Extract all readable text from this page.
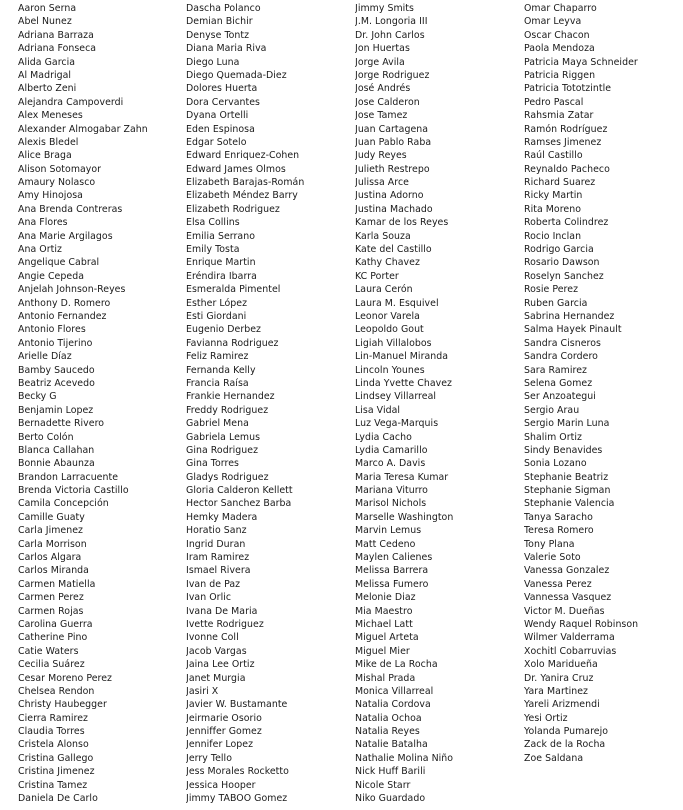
Aaron Serna
Abel Nunez
Adriana Barraza
Adriana Fonseca
Alida Garcia
Al Madrigal
Alberto Zeni
Alejandra Campoverdi
Alex Meneses
Alexander Almogabar Zahn
Alexis Bledel
Alice Braga
Alison Sotomayor
Amaury Nolasco
Amy Hinojosa
Ana Brenda Contreras
Ana Flores
Ana Marie Argilagos
Ana Ortiz
Angelique Cabral
Angie Cepeda
Anjelah Johnson-Reyes
Anthony D. Romero
Antonio Fernandez
Antonio Flores
Antonio Tijerino
Arielle Díaz
Bamby Saucedo
Beatriz Acevedo
Becky G
Benjamin Lopez
Bernadette Rivero
Berto Colón
Blanca Callahan
Bonnie Abaunza
Brandon Larracuente
Brenda Victoria Castillo
Camila Concepción
Camille Guaty
Carla Jimenez
Carla Morrison
Carlos Algara
Carlos Miranda
Carmen Matiella
Carmen Perez
Carmen Rojas
Carolina Guerra
Catherine Pino
Catie Waters
Cecilia Suárez
Cesar Moreno Perez
Chelsea Rendon
Christy Haubegger
Cierra Ramirez
Claudia Torres
Cristela Alonso
Cristina Gallego
Cristina Jimenez
Cristina Tamez
Daniela De Carlo
Dascha Polanco
Demian Bichir
Denyse Tontz
Diana Maria Riva
Diego Luna
Diego Quemada-Diez
Dolores Huerta
Dora Cervantes
Dyana Ortelli
Eden Espinosa
Edgar Sotelo
Edward Enriquez-Cohen
Edward James Olmos
Elizabeth Barajas-Román
Elizabeth Méndez Barry
Elizabeth Rodriguez
Elsa Collins
Emilia Serrano
Emily Tosta
Enrique Martin
Eréndira Ibarra
Esmeralda Pimentel
Esther López
Esti Giordani
Eugenio Derbez
Favianna Rodriguez
Feliz Ramirez
Fernanda Kelly
Francia Raísa
Frankie Hernandez
Freddy Rodriguez
Gabriel Mena
Gabriela Lemus
Gina Rodriguez
Gina Torres
Gladys Rodriguez
Gloria Calderon Kellett
Hector Sanchez Barba
Hemky Madera
Horatio Sanz
Ingrid Duran
Iram Ramirez
Ismael Rivera
Ivan de Paz
Ivan Orlic
Ivana De Maria
Ivette Rodriguez
Ivonne Coll
Jacob Vargas
Jaina Lee Ortiz
Janet Murgia
Jasiri X
Javier W. Bustamante
Jeirmarie Osorio
Jenniffer Gomez
Jennifer Lopez
Jerry Tello
Jess Morales Rocketto
Jessica Hooper
Jimmy TABOO Gomez
Jimmy Smits
J.M. Longoria III
Dr. John Carlos
Jon Huertas
Jorge Avila
Jorge Rodriguez
José Andrés
Jose Calderon
Jose Tamez
Juan Cartagena
Juan Pablo Raba
Judy Reyes
Julieth Restrepo
Julissa Arce
Justina Adorno
Justina Machado
Kamar de los Reyes
Karla Souza
Kate del Castillo
Kathy Chavez
KC Porter
Laura Cerón
Laura M. Esquivel
Leonor Varela
Leopoldo Gout
Ligiah Villalobos
Lin-Manuel Miranda
Lincoln Younes
Linda Yvette Chavez
Lindsey Villarreal
Lisa Vidal
Luz Vega-Marquis
Lydia Cacho
Lydia Camarillo
Marco A. Davis
Maria Teresa Kumar
Mariana Viturro
Marisol Nichols
Marselle Washington
Marvin Lemus
Matt Cedeno
Maylen Calienes
Melissa Barrera
Melissa Fumero
Melonie Diaz
Mia Maestro
Michael Latt
Miguel Arteta
Miguel Mier
Mike de La Rocha
Mishal Prada
Monica Villarreal
Natalia Cordova
Natalia Ochoa
Natalia Reyes
Natalie Batalha
Nathalie Molina Niño
Nick Huff Barili
Nicole Starr
Niko Guardado
Omar Chaparro
Omar Leyva
Oscar Chacon
Paola Mendoza
Patricia Maya Schneider
Patricia Riggen
Patricia Tototzintle
Pedro Pascal
Rahsmia Zatar
Ramón Rodríguez
Ramses Jimenez
Raúl Castillo
Reynaldo Pacheco
Richard Suarez
Ricky Martin
Rita Moreno
Roberta Colindrez
Rocio Inclan
Rodrigo Garcia
Rosario Dawson
Roselyn Sanchez
Rosie Perez
Ruben Garcia
Sabrina Hernandez
Salma Hayek Pinault
Sandra Cisneros
Sandra Cordero
Sara Ramirez
Selena Gomez
Ser Anzoategui
Sergio Arau
Sergio Marin Luna
Shalim Ortiz
Sindy Benavides
Sonia Lozano
Stephanie Beatriz
Stephanie Sigman
Stephanie Valencia
Tanya Saracho
Teresa Romero
Tony Plana
Valerie Soto
Vanessa Gonzalez
Vanessa Perez
Vannessa Vasquez
Victor M. Dueñas
Wendy Raquel Robinson
Wilmer Valderrama
Xochitl Cobarruvias
Xolo Maridueña
Dr. Yanira Cruz
Yara Martinez
Yareli Arizmendi
Yesi Ortiz
Yolanda Pumarejo
Zack de la Rocha
Zoe Saldana
